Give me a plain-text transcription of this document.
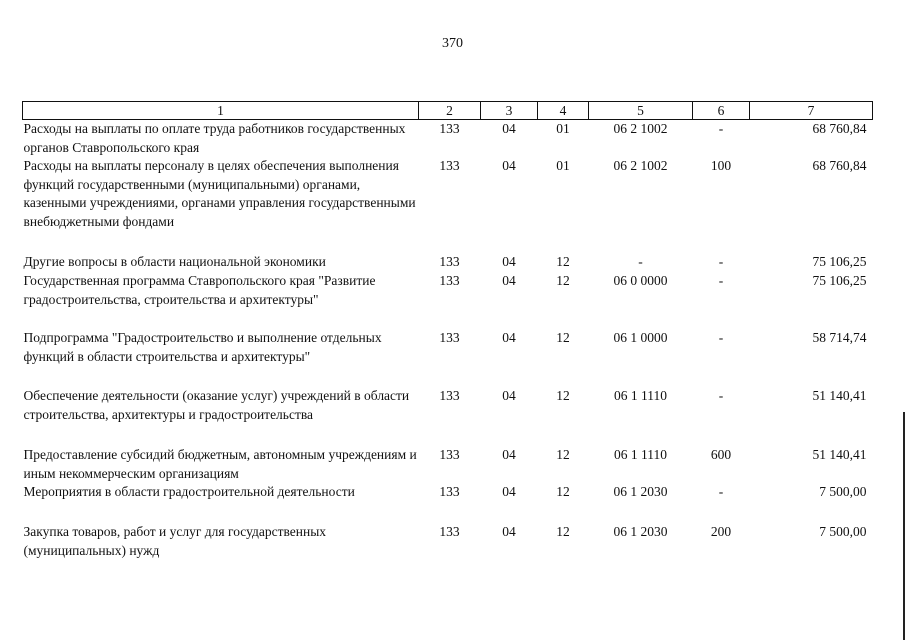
370
1	2	3	4	5	6	7
Расходы на выплаты по оплате труда работников государственных органов Ставропольского края	133	04	01	06 2 1002	-	68 760,84
Расходы на выплаты персоналу в целях обеспечения выполнения функций государственными (муниципальными) органами, казенными учреждениями, органами управления государственными внебюджетными фондами	133	04	01	06 2 1002	100	68 760,84
Другие вопросы в области национальной экономики	133	04	12	-	-	75 106,25
Государственная программа Ставропольского края "Развитие градостроительства, строительства и архитектуры"	133	04	12	06 0 0000	-	75 106,25
Подпрограмма "Градостроительство и выполнение отдельных функций в области строительства и архитектуры"	133	04	12	06 1 0000	-	58 714,74
Обеспечение деятельности (оказание услуг) учреждений в области строительства, архитектуры и градостроительства	133	04	12	06 1 1110	-	51 140,41
Предоставление субсидий бюджетным, автономным учреждениям и иным некоммерческим организациям	133	04	12	06 1 1110	600	51 140,41
Мероприятия в области градостроительной деятельности	133	04	12	06 1 2030	-	7 500,00
Закупка товаров, работ и услуг для государственных (муниципальных) нужд	133	04	12	06 1 2030	200	7 500,00
